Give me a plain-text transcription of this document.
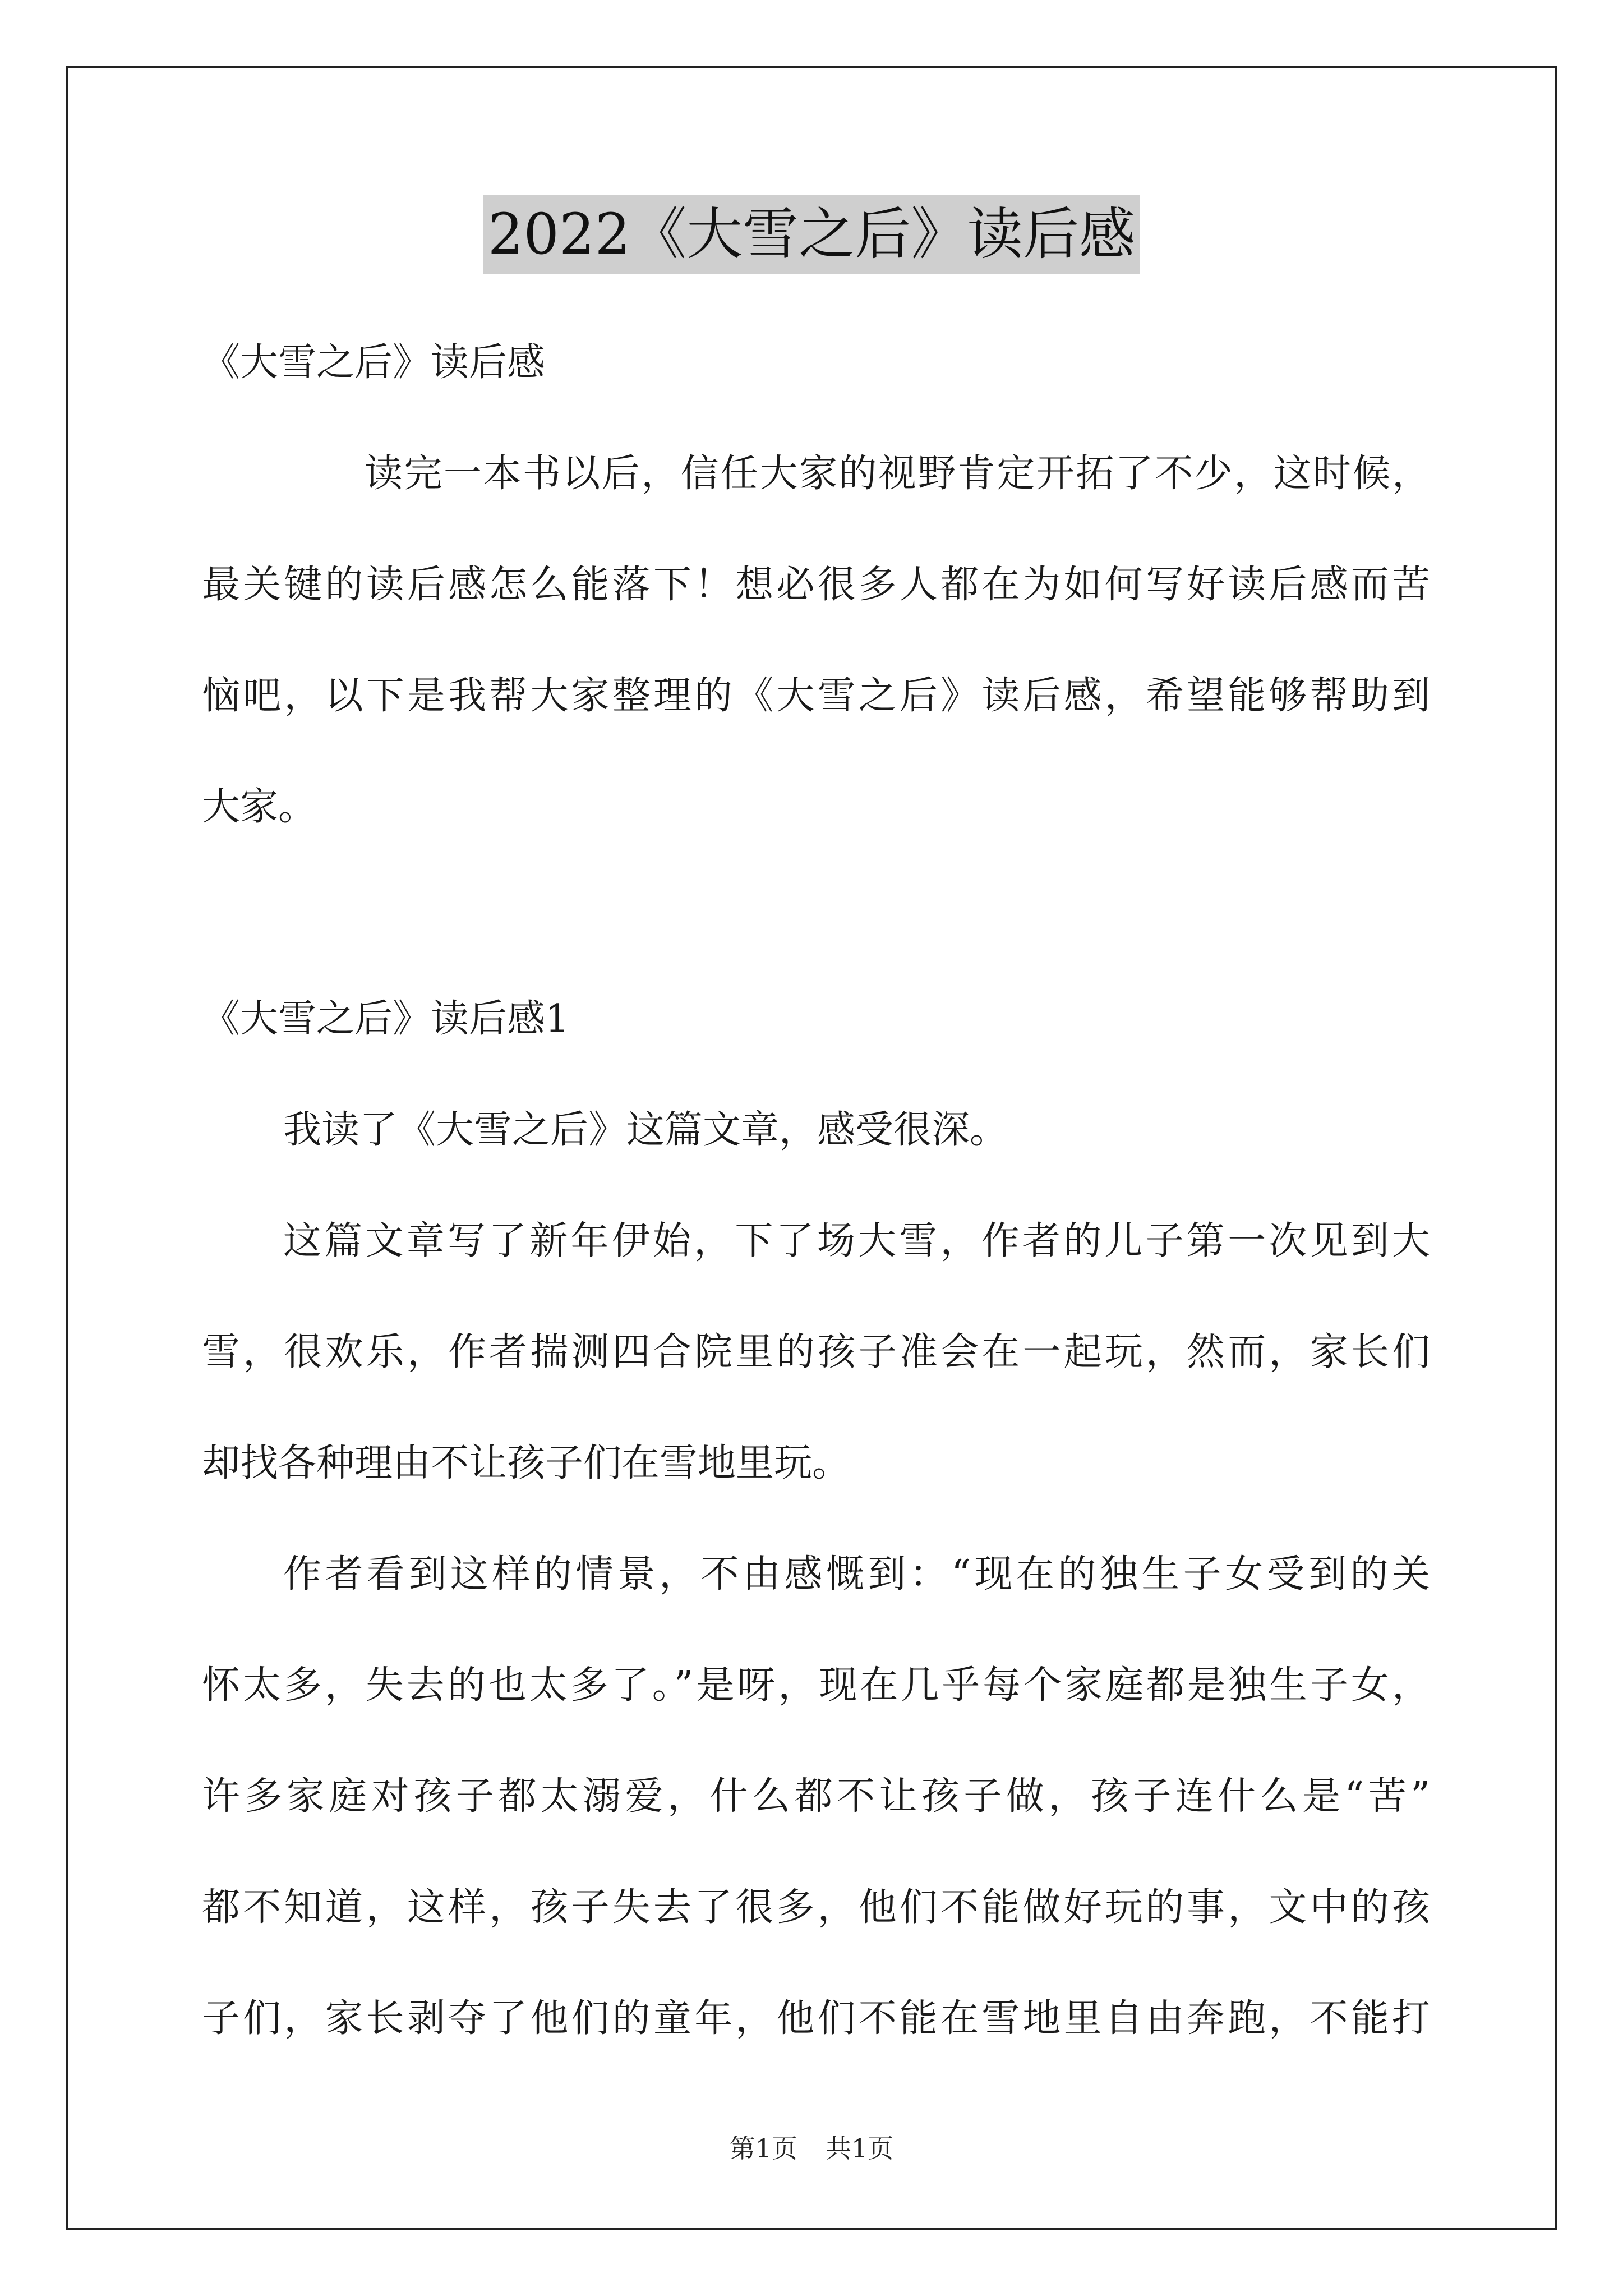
2022《大雪之后》读后感
《大雪之后》读后感
读完一本书以后，信任大家的视野肯定开拓了不少，这时候，
最关键的读后感怎么能落下！想必很多人都在为如何写好读后感而苦
恼吧，以下是我帮大家整理的《大雪之后》读后感，希望能够帮助到
大家。
《大雪之后》读后感1
我读了《大雪之后》这篇文章，感受很深。
这篇文章写了新年伊始，下了场大雪，作者的儿子第一次见到大
雪，很欢乐，作者揣测四合院里的孩子准会在一起玩，然而，家长们
却找各种理由不让孩子们在雪地里玩。
作者看到这样的情景，不由感慨到：“现在的独生子女受到的关
怀太多，失去的也太多了。”是呀，现在几乎每个家庭都是独生子女，
许多家庭对孩子都太溺爱，什么都不让孩子做，孩子连什么是“苦”
都不知道，这样，孩子失去了很多，他们不能做好玩的事，文中的孩
子们，家长剥夺了他们的童年，他们不能在雪地里自由奔跑，不能打
第1页 共1页
